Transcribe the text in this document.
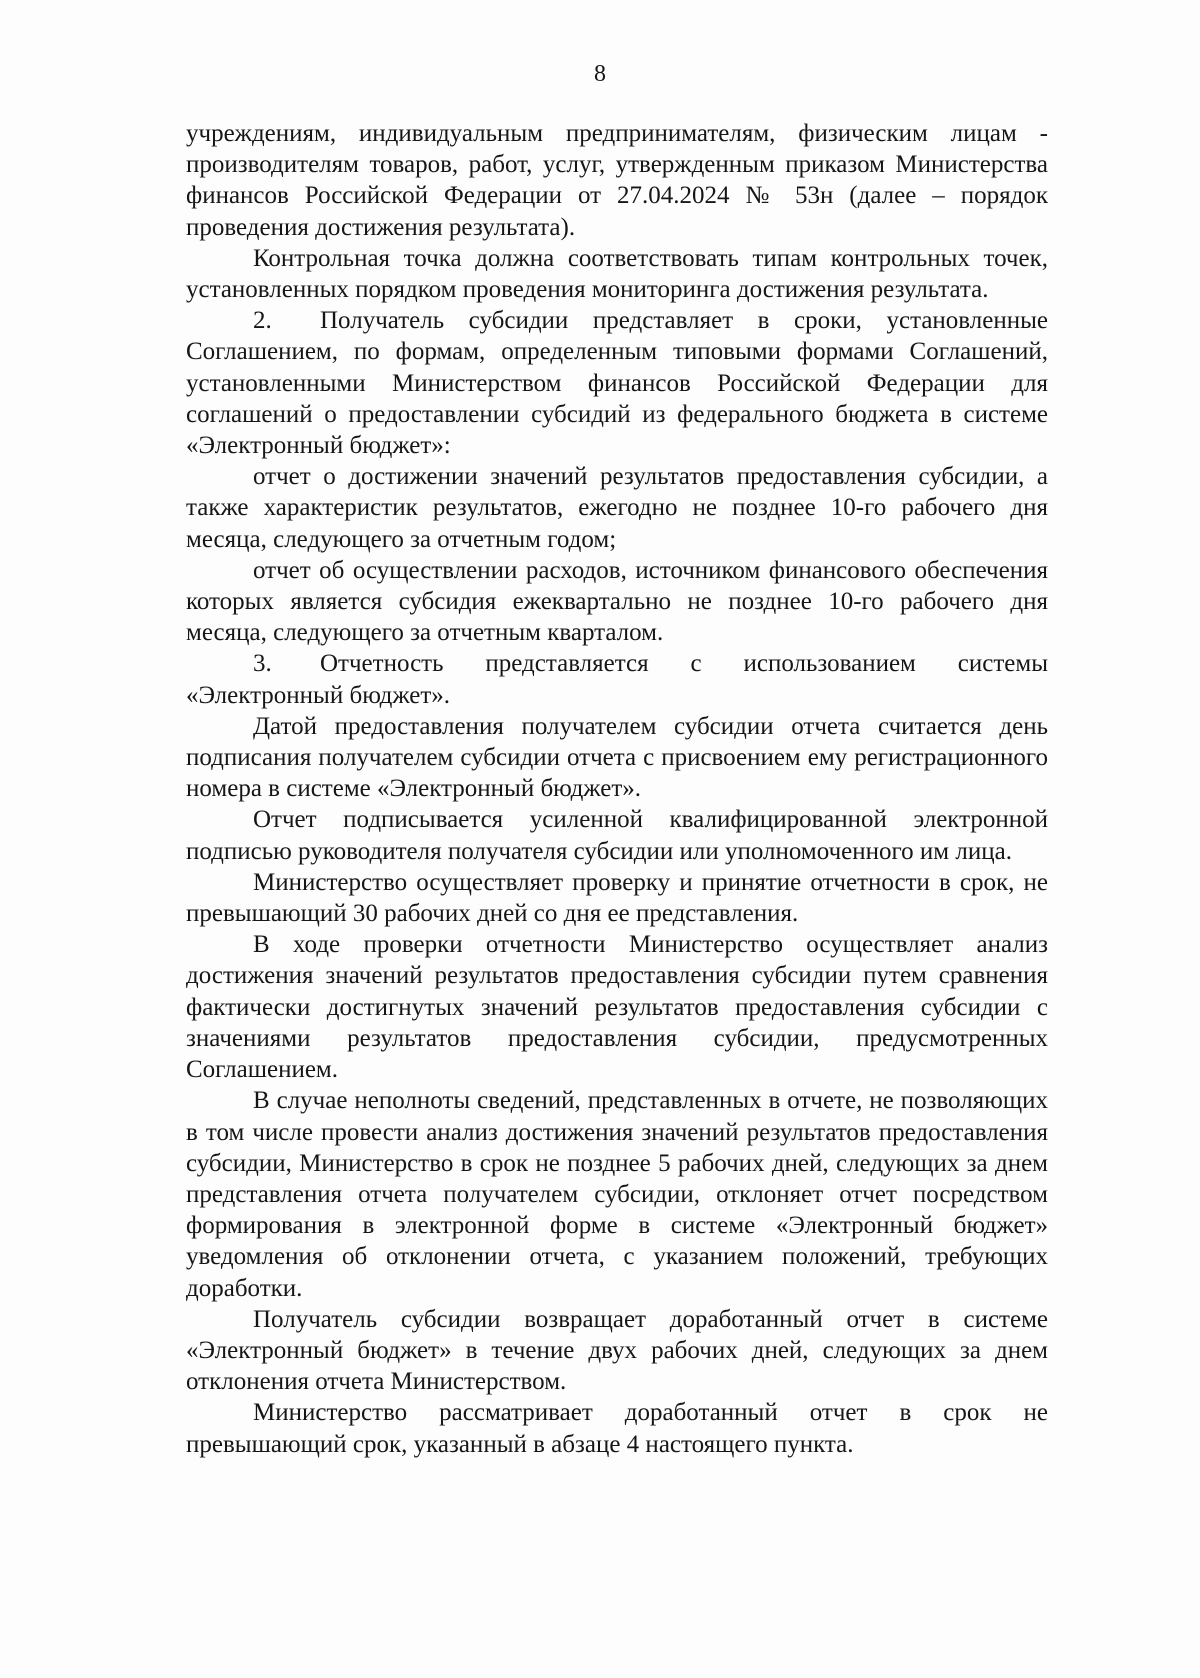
8

учреждениям, индивидуальным предпринимателям, физическим лицам - производителям товаров, работ, услуг, утвержденным приказом Министерства финансов Российской Федерации от 27.04.2024 № 53н (далее – порядок проведения достижения результата).

Контрольная точка должна соответствовать типам контрольных точек, установленных порядком проведения мониторинга достижения результата.

2. Получатель субсидии представляет в сроки, установленные Соглашением, по формам, определенным типовыми формами Соглашений, установленными Министерством финансов Российской Федерации для соглашений о предоставлении субсидий из федерального бюджета в системе «Электронный бюджет»:

отчет о достижении значений результатов предоставления субсидии, а также характеристик результатов, ежегодно не позднее 10-го рабочего дня месяца, следующего за отчетным годом;

отчет об осуществлении расходов, источником финансового обеспечения которых является субсидия ежеквартально не позднее 10-го рабочего дня месяца, следующего за отчетным кварталом.

3. Отчетность представляется с использованием системы «Электронный бюджет».

Датой предоставления получателем субсидии отчета считается день подписания получателем субсидии отчета с присвоением ему регистрационного номера в системе «Электронный бюджет».

Отчет подписывается усиленной квалифицированной электронной подписью руководителя получателя субсидии или уполномоченного им лица.

Министерство осуществляет проверку и принятие отчетности в срок, не превышающий 30 рабочих дней со дня ее представления.

В ходе проверки отчетности Министерство осуществляет анализ достижения значений результатов предоставления субсидии путем сравнения фактически достигнутых значений результатов предоставления субсидии с значениями результатов предоставления субсидии, предусмотренных Соглашением.

В случае неполноты сведений, представленных в отчете, не позволяющих в том числе провести анализ достижения значений результатов предоставления субсидии, Министерство в срок не позднее 5 рабочих дней, следующих за днем представления отчета получателем субсидии, отклоняет отчет посредством формирования в электронной форме в системе «Электронный бюджет» уведомления об отклонении отчета, с указанием положений, требующих доработки.

Получатель субсидии возвращает доработанный отчет в системе «Электронный бюджет» в течение двух рабочих дней, следующих за днем отклонения отчета Министерством.

Министерство рассматривает доработанный отчет в срок не превышающий срок, указанный в абзаце 4 настоящего пункта.
